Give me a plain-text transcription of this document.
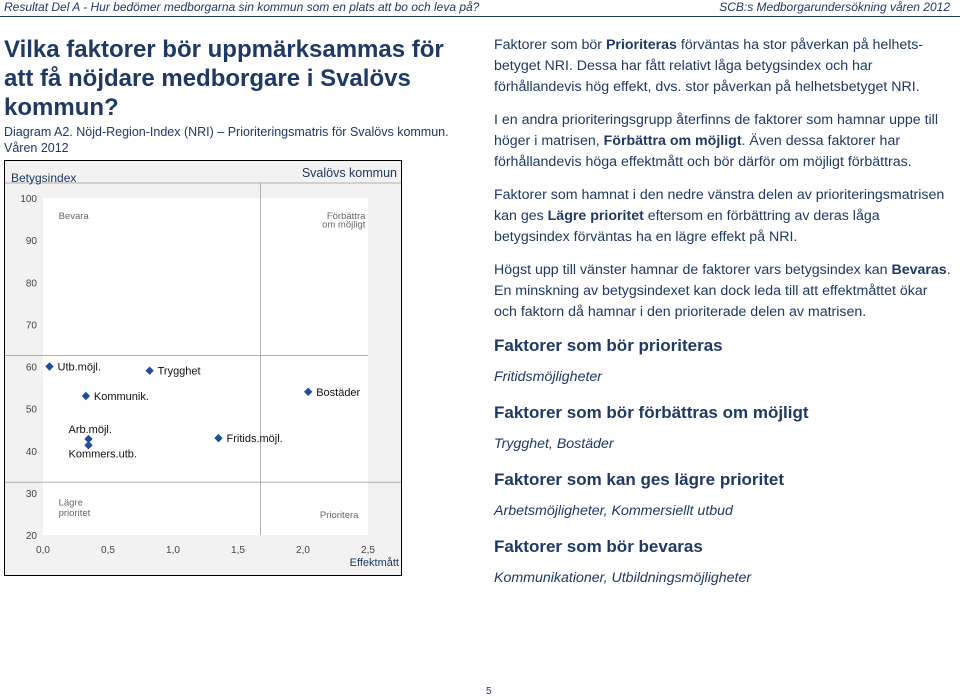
Resultat Del A - Hur bedömer medborgarna sin kommun som en plats att bo och leva på?	SCB:s Medborgarundersökning våren 2012
Vilka faktorer bör uppmärksammas för att få nöjdare medborgare i Svalövs kommun?
Diagram A2. Nöjd-Region-Index (NRI) – Prioriteringsmatris för Svalövs kommun.
Våren 2012
Svalövs kommun
Betygsindex
20
30
40
50
60
70
80
90
100
0,0	0,5	1,0	1,5	2,0	2,5
Effektmått
Bevara	Förbättra
om möjligt
Lägre
prioritet	Prioritera
Utb.möjl.	Trygghet
Kommunik.
Arb.möjl.
Kommers.utb.
Fritids.möjl.
Bostäder

Faktorer som bör Prioriteras förväntas ha stor påverkan på helhets-betyget NRI. Dessa har fått relativt låga betygsindex och har förhållandevis hög effekt, dvs. stor påverkan på helhetsbetyget NRI.

I en andra prioriteringsgrupp återfinns de faktorer som hamnar uppe till höger i matrisen, Förbättra om möjligt. Även dessa faktorer har förhållandevis höga effektmått och bör därför om möjligt förbättras.

Faktorer som hamnat i den nedre vänstra delen av prioriteringsmatrisen kan ges Lägre prioritet eftersom en förbättring av deras låga betygsindex förväntas ha en lägre effekt på NRI.

Högst upp till vänster hamnar de faktorer vars betygsindex kan Bevaras. En minskning av betygsindexet kan dock leda till att effektmåttet ökar och faktorn då hamnar i den prioriterade delen av matrisen.

Faktorer som bör prioriteras
Fritidsmöjligheter
Faktorer som bör förbättras om möjligt
Trygghet, Bostäder
Faktorer som kan ges lägre prioritet
Arbetsmöjligheter, Kommersiellt utbud
Faktorer som bör bevaras
Kommunikationer, Utbildningsmöjligheter
5
